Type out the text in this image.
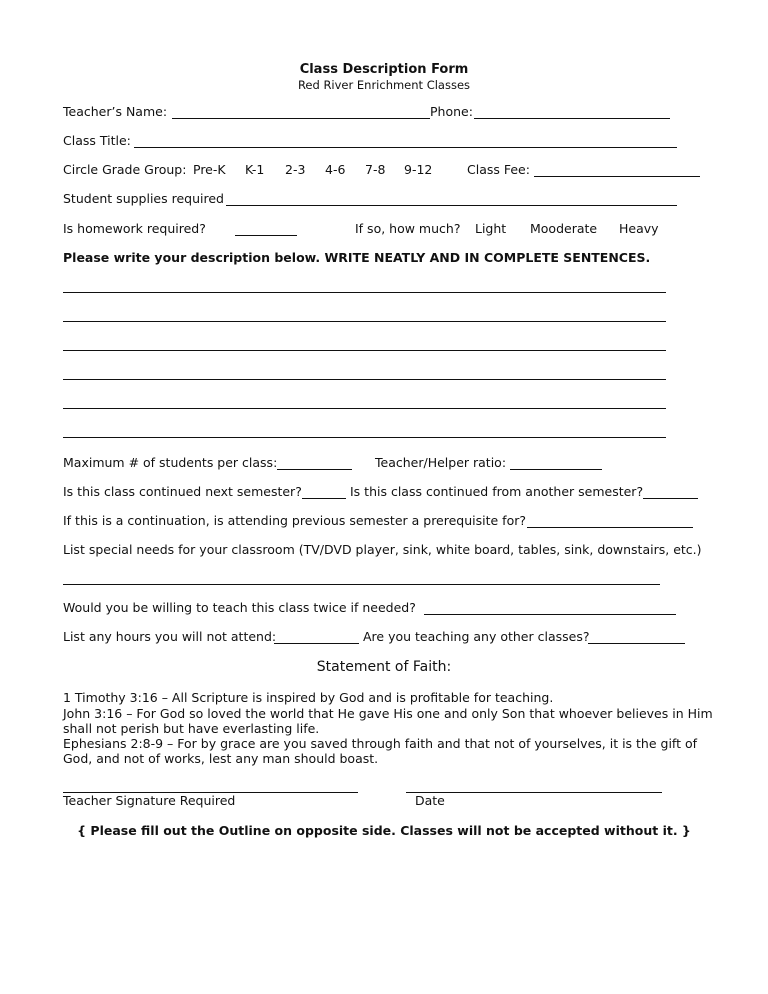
Class Description Form
Red River Enrichment Classes
Teacher’s Name:	Phone:
Class Title:
Circle Grade Group: Pre-K K-1 2-3 4-6 7-8 9-12	Class Fee:
Student supplies required
Is homework required?	If so, how much? Light Mooderate Heavy
Please write your description below. WRITE NEATLY AND IN COMPLETE SENTENCES.
Maximum # of students per class:	Teacher/Helper ratio:
Is this class continued next semester?	Is this class continued from another semester?
If this is a continuation, is attending previous semester a prerequisite for?
List special needs for your classroom (TV/DVD player, sink, white board, tables, sink, downstairs, etc.)
Would you be willing to teach this class twice if needed?
List any hours you will not attend:	Are you teaching any other classes?
Statement of Faith:
1 Timothy 3:16 – All Scripture is inspired by God and is profitable for teaching.
John 3:16 – For God so loved the world that He gave His one and only Son that whoever believes in Him shall not perish but have everlasting life.
Ephesians 2:8-9 – For by grace are you saved through faith and that not of yourselves, it is the gift of God, and not of works, lest any man should boast.
Teacher Signature Required	Date
{ Please fill out the Outline on opposite side. Classes will not be accepted without it. }
